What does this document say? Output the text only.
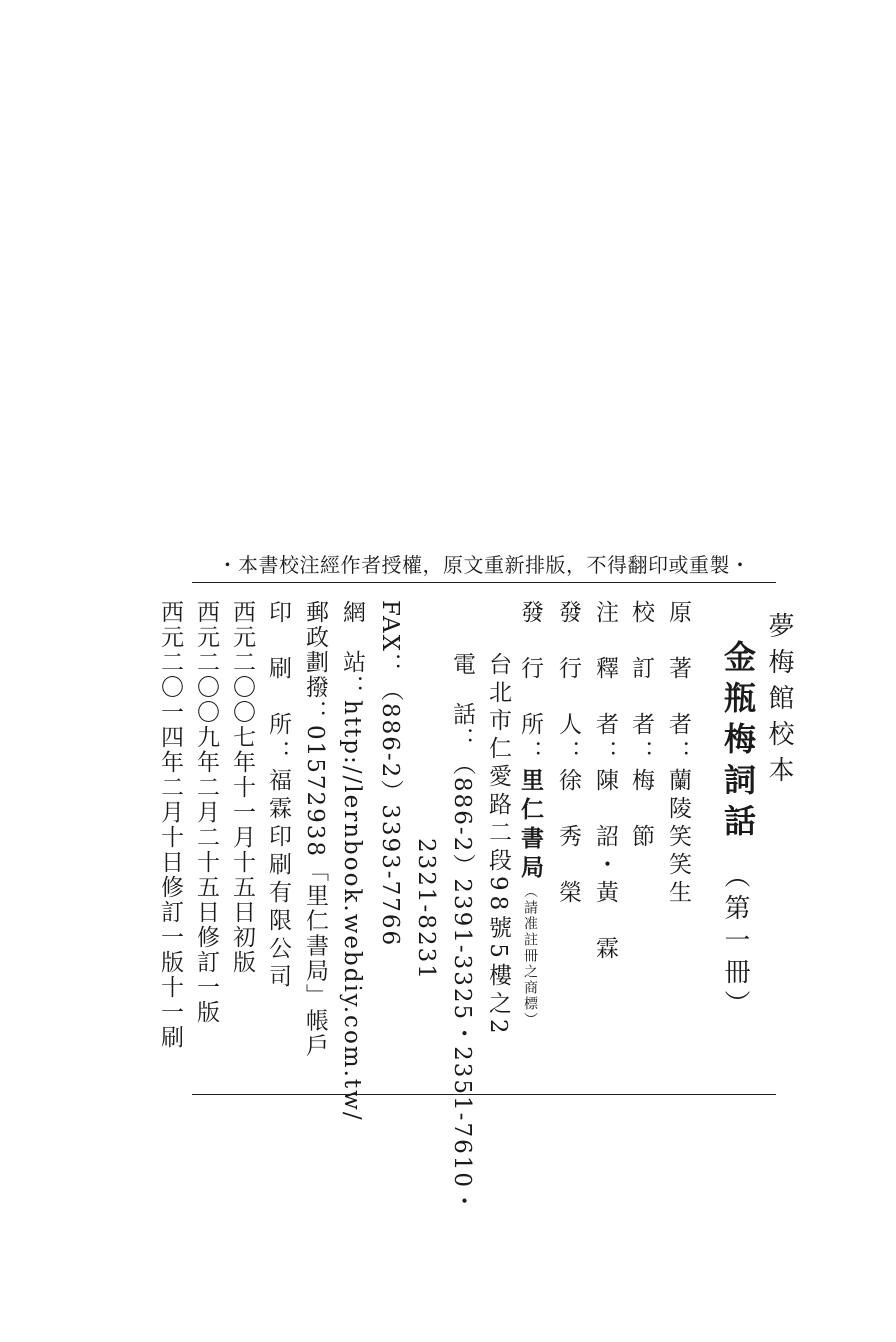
・本書校注經作者授權，原文重新排版，不得翻印或重製・
夢梅館校本
金瓶梅詞話
（第一冊）
原　著　者：蘭陵笑笑生
校　訂　者：梅　節
注　釋　者：陳　詔・黃　霖
發　行　人：徐　秀　榮
發　行　所：里仁書局（請准註冊之商標）
台北市仁愛路二段98號5樓之2
電　話：（886-2）2391-3325・2351-7610・
2321-8231
FAX：（886-2）3393-7766
網　站：http://lernbook.webdiy.com.tw/
郵政劃撥：01572938「里仁書局」帳戶
印　刷　所：福霖印刷有限公司
西元二〇〇七年十一月十五日初版
西元二〇〇九年二月二十五日修訂一版
西元二〇一四年二月十日修訂一版十一刷
